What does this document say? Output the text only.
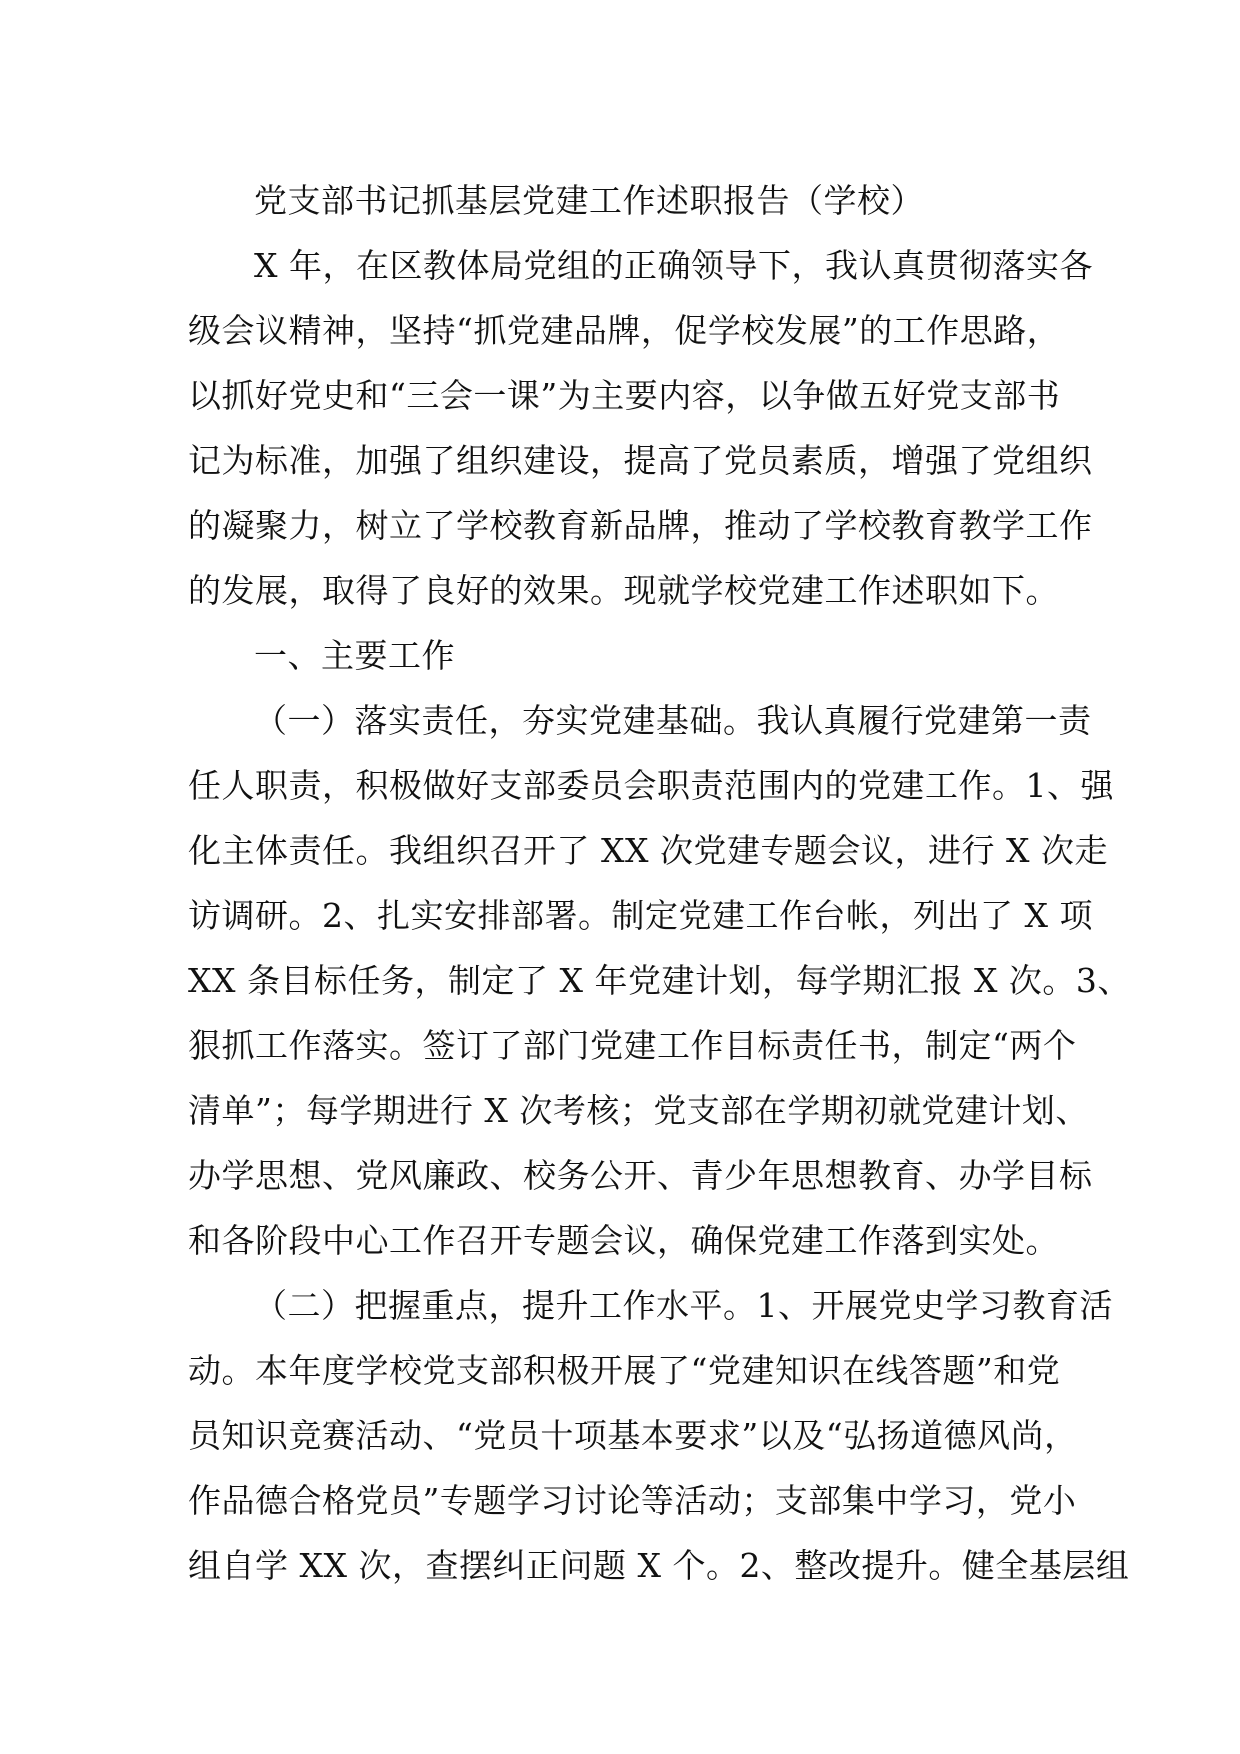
党支部书记抓基层党建工作述职报告（学校）
X 年，在区教体局党组的正确领导下，我认真贯彻落实各
级会议精神，坚持“抓党建品牌，促学校发展”的工作思路，
以抓好党史和“三会一课”为主要内容，以争做五好党支部书
记为标准，加强了组织建设，提高了党员素质，增强了党组织
的凝聚力，树立了学校教育新品牌，推动了学校教育教学工作
的发展，取得了良好的效果。现就学校党建工作述职如下。
一、主要工作
（一）落实责任，夯实党建基础。我认真履行党建第一责
任人职责，积极做好支部委员会职责范围内的党建工作。1、强
化主体责任。我组织召开了 XX 次党建专题会议，进行 X 次走
访调研。2、扎实安排部署。制定党建工作台帐，列出了 X 项
XX 条目标任务，制定了 X 年党建计划，每学期汇报 X 次。3、
狠抓工作落实。签订了部门党建工作目标责任书，制定“两个
清单”；每学期进行 X 次考核；党支部在学期初就党建计划、
办学思想、党风廉政、校务公开、青少年思想教育、办学目标
和各阶段中心工作召开专题会议，确保党建工作落到实处。
（二）把握重点，提升工作水平。1、开展党史学习教育活
动。本年度学校党支部积极开展了“党建知识在线答题”和党
员知识竞赛活动、“党员十项基本要求”以及“弘扬道德风尚，
作品德合格党员”专题学习讨论等活动；支部集中学习，党小
组自学 XX 次，查摆纠正问题 X 个。2、整改提升。健全基层组
